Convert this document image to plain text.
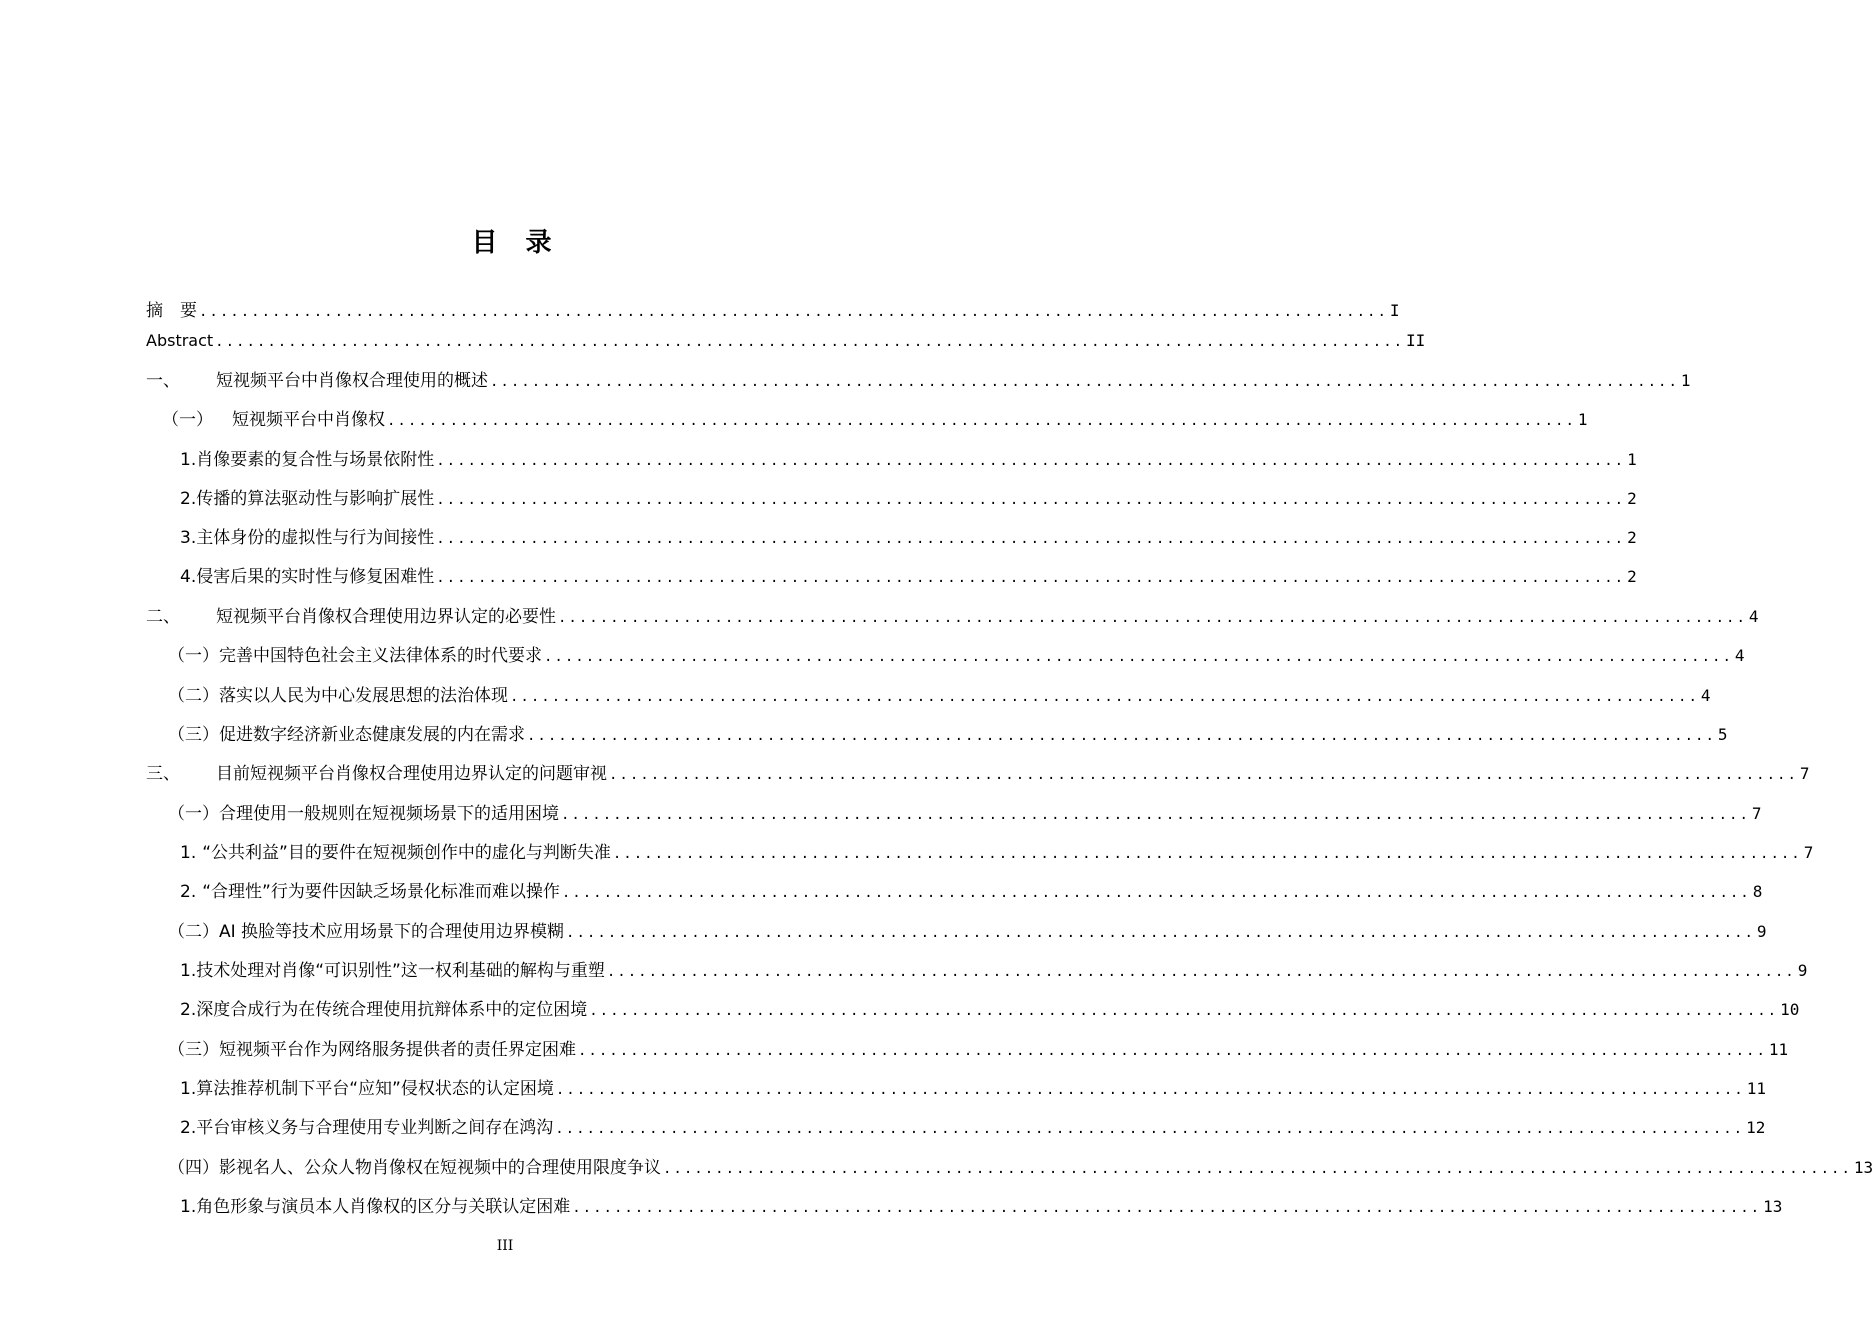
目　录
摘　要 .................................................................................................................. I
Abstract .................................................................................................................. II
一、	短视频平台中肖像权合理使用的概述 .................................................................................................................. 1
（一）	短视频平台中肖像权 .................................................................................................................. 1
1. 肖像要素的复合性与场景依附性 .................................................................................................................. 1
2. 传播的算法驱动性与影响扩展性 .................................................................................................................. 2
3. 主体身份的虚拟性与行为间接性 .................................................................................................................. 2
4. 侵害后果的实时性与修复困难性 .................................................................................................................. 2
二、	短视频平台肖像权合理使用边界认定的必要性 .................................................................................................................. 4
（一） 完善中国特色社会主义法律体系的时代要求 .................................................................................................................. 4
（二） 落实以人民为中心发展思想的法治体现 .................................................................................................................. 4
（三） 促进数字经济新业态健康发展的内在需求 .................................................................................................................. 5
三、	目前短视频平台肖像权合理使用边界认定的问题审视 .................................................................................................................. 7
（一） 合理使用一般规则在短视频场景下的适用困境 .................................................................................................................. 7
1. “公共利益”目的要件在短视频创作中的虚化与判断失准 .................................................................................................................. 7
2. “合理性”行为要件因缺乏场景化标准而难以操作 .................................................................................................................. 8
（二） AI 换脸等技术应用场景下的合理使用边界模糊 .................................................................................................................. 9
1. 技术处理对肖像“可识别性”这一权利基础的解构与重塑 .................................................................................................................. 9
2. 深度合成行为在传统合理使用抗辩体系中的定位困境 .................................................................................................................. 10
（三） 短视频平台作为网络服务提供者的责任界定困难 .................................................................................................................. 11
1. 算法推荐机制下平台“应知”侵权状态的认定困境 .................................................................................................................. 11
2. 平台审核义务与合理使用专业判断之间存在鸿沟 .................................................................................................................. 12
（四） 影视名人、公众人物肖像权在短视频中的合理使用限度争议 .................................................................................................................. 13
1. 角色形象与演员本人肖像权的区分与关联认定困难 .................................................................................................................. 13
III
